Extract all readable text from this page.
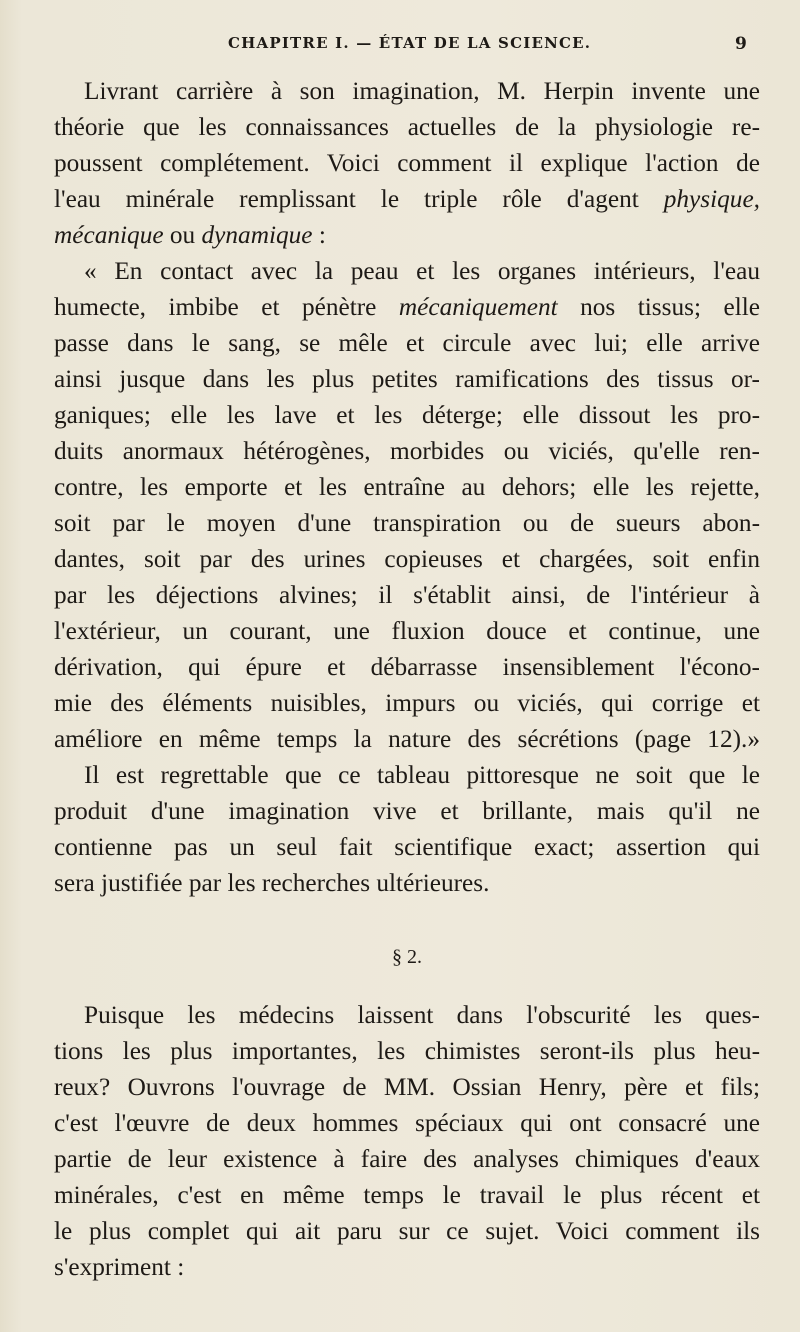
CHAPITRE I. — ÉTAT DE LA SCIENCE.	9
Livrant carrière à son imagination, M. Herpin invente une
théorie que les connaissances actuelles de la physiologie re-
poussent complétement. Voici comment il explique l'action de
l'eau minérale remplissant le triple rôle d'agent physique,
mécanique ou dynamique :
« En contact avec la peau et les organes intérieurs, l'eau
humecte, imbibe et pénètre mécaniquement nos tissus; elle
passe dans le sang, se mêle et circule avec lui; elle arrive
ainsi jusque dans les plus petites ramifications des tissus or-
ganiques; elle les lave et les déterge; elle dissout les pro-
duits anormaux hétérogènes, morbides ou viciés, qu'elle ren-
contre, les emporte et les entraîne au dehors; elle les rejette,
soit par le moyen d'une transpiration ou de sueurs abon-
dantes, soit par des urines copieuses et chargées, soit enfin
par les déjections alvines; il s'établit ainsi, de l'intérieur à
l'extérieur, un courant, une fluxion douce et continue, une
dérivation, qui épure et débarrasse insensiblement l'écono-
mie des éléments nuisibles, impurs ou viciés, qui corrige et
améliore en même temps la nature des sécrétions (page 12).»
Il est regrettable que ce tableau pittoresque ne soit que le
produit d'une imagination vive et brillante, mais qu'il ne
contienne pas un seul fait scientifique exact; assertion qui
sera justifiée par les recherches ultérieures.
§ 2.
Puisque les médecins laissent dans l'obscurité les ques-
tions les plus importantes, les chimistes seront-ils plus heu-
reux? Ouvrons l'ouvrage de MM. Ossian Henry, père et fils;
c'est l'œuvre de deux hommes spéciaux qui ont consacré une
partie de leur existence à faire des analyses chimiques d'eaux
minérales, c'est en même temps le travail le plus récent et
le plus complet qui ait paru sur ce sujet. Voici comment ils
s'expriment :
